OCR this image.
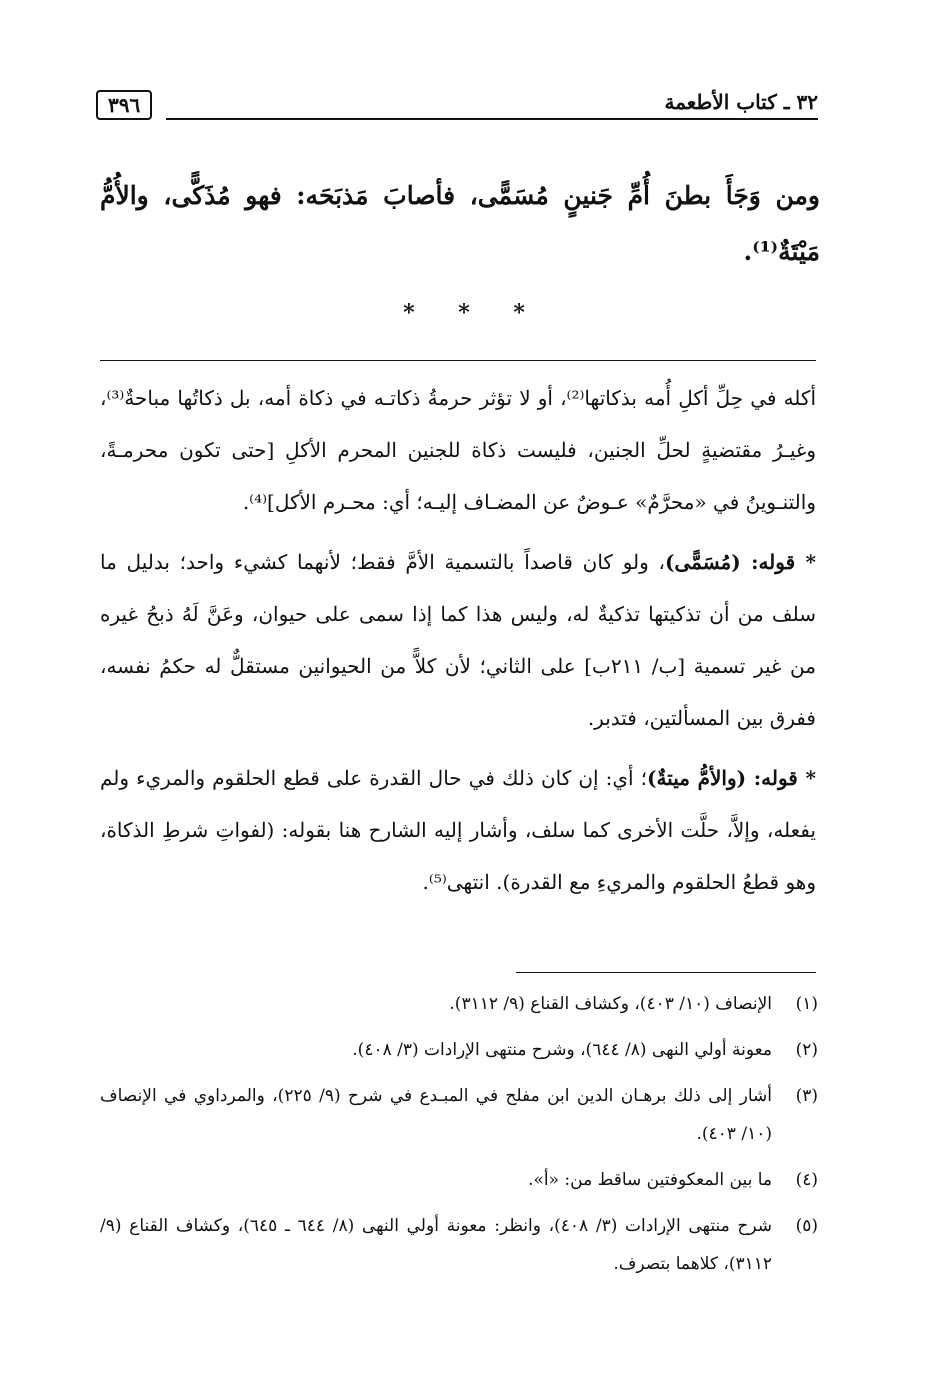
٣٢ ـ كتاب الأطعمة
٣٩٦
ومن وَجَأَ بطنَ أُمِّ جَنينٍ مُسَمًّى، فأصابَ مَذبَحَه: فهو مُذَكًّى، والأُمُّ مَيْتَةٌ⁽¹⁾.
* * *

أكله في حِلِّ أكلِ أُمه بذكاتها⁽²⁾، أو لا تؤثر حرمةُ ذكاتـه في ذكاة أمه، بل ذكاتُها مباحةٌ⁽³⁾، وغيـرُ مقتضيةٍ لحلِّ الجنين، فليست ذكاة للجنين المحرم الأكلِ [حتى تكون محرمـةً، والتنـوينُ في «محرَّمٌ» عـوضٌ عن المضـاف إليـه؛ أي: محـرم الأكل]⁽⁴⁾.

* قوله: (مُسَمًّى)، ولو كان قاصداً بالتسمية الأمَّ فقط؛ لأنهما كشيء واحد؛ بدليل ما سلف من أن تذكيتها تذكيةٌ له، وليس هذا كما إذا سمى على حيوان، وعَنَّ لَهُ ذبحُ غيره من غير تسمية [ب/ ٢١١ب] على الثاني؛ لأن كلاًّ من الحيوانين مستقلٌّ له حكمُ نفسه، ففرق بين المسألتين، فتدبر.

* قوله: (والأمُّ ميتةٌ)؛ أي: إن كان ذلك في حال القدرة على قطع الحلقوم والمريء ولم يفعله، وإلاَّ، حلَّت الأخرى كما سلف، وأشار إليه الشارح هنا بقوله: (لفواتِ شرطِ الذكاة، وهو قطعُ الحلقوم والمريءِ مع القدرة). انتهى⁽⁵⁾.

(١)
الإنصاف (١٠/ ٤٠٣)، وكشاف القناع (٩/ ٣١١٢).
(٢)
معونة أولي النهى (٨/ ٦٤٤)، وشرح منتهى الإرادات (٣/ ٤٠٨).
(٣)
أشار إلى ذلك برهـان الدين ابن مفلح في المبـدع في شرح (٩/ ٢٢٥)، والمرداوي في الإنصاف (١٠/ ٤٠٣).
(٤)
ما بين المعكوفتين ساقط من: «أ».
(٥)
شرح منتهى الإرادات (٣/ ٤٠٨)، وانظر: معونة أولي النهى (٨/ ٦٤٤ ـ ٦٤٥)، وكشاف القناع (٩/ ٣١١٢)، كلاهما بتصرف.
